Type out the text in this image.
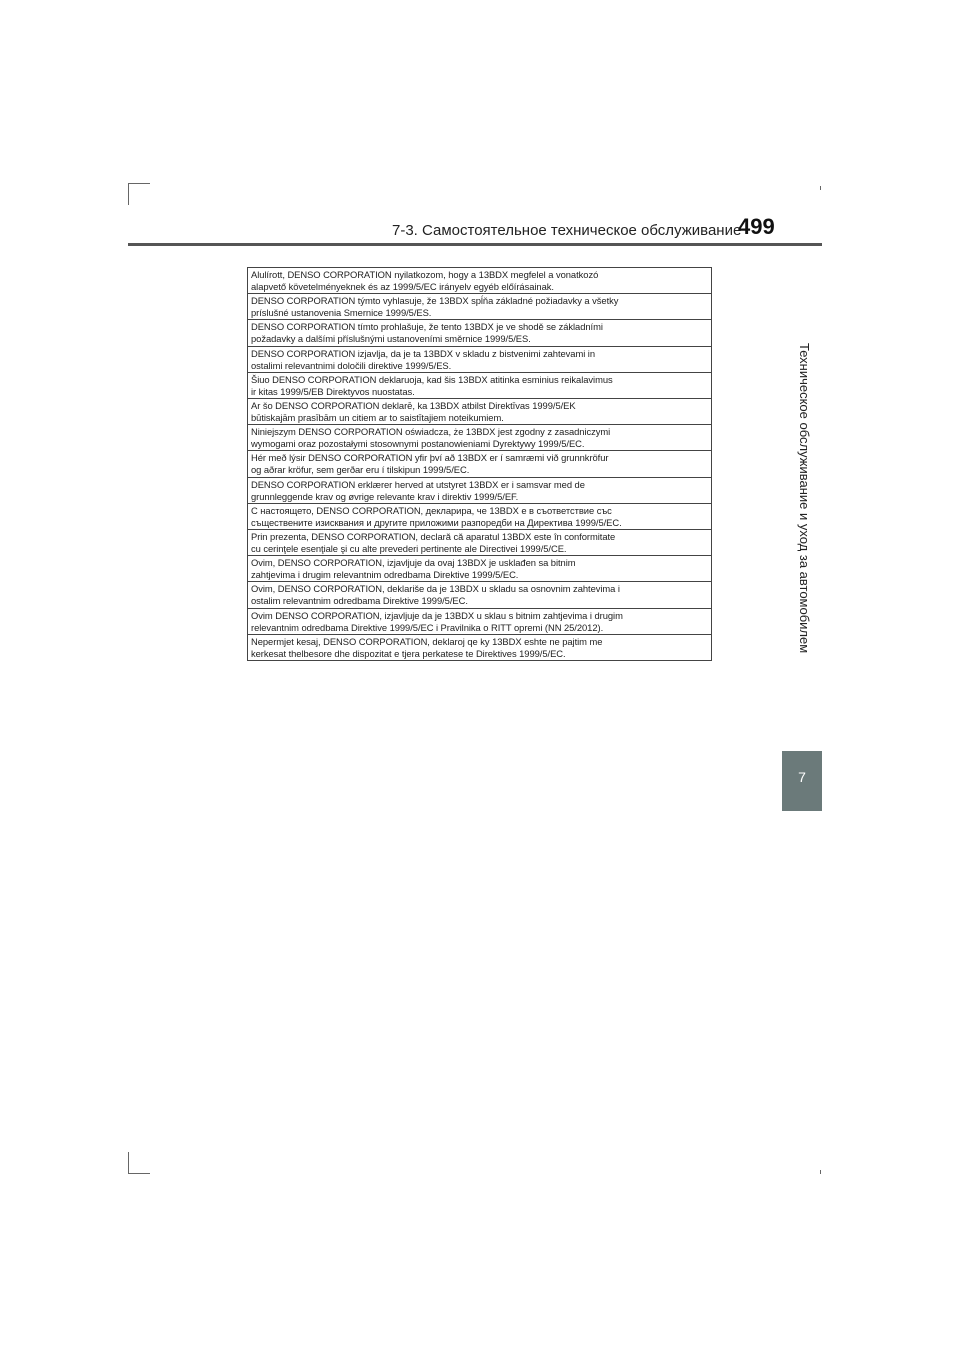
7-3. Самостоятельное техническое обслуживание
499
Техническое обслуживание и уход за автомобилем
7

Alulírott, DENSO CORPORATION nyilatkozom, hogy a 13BDX megfelel a vonatkozó

alapvető követelményeknek és az 1999/5/EC irányelv egyéb előírásainak.

DENSO CORPORATION týmto vyhlasuje, že 13BDX spĺňa základné požiadavky a všetky

príslušné ustanovenia Smernice 1999/5/ES.

DENSO CORPORATION tímto prohlašuje, že tento 13BDX je ve shodě se základními

požadavky a dalšími příslušnými ustanoveními směrnice 1999/5/ES.

DENSO CORPORATION izjavlja, da je ta 13BDX v skladu z bistvenimi zahtevami in

ostalimi relevantnimi določili direktive 1999/5/ES.

Šiuo DENSO CORPORATION deklaruoja, kad šis 13BDX atitinka esminius reikalavimus

ir kitas 1999/5/EB Direktyvos nuostatas.

Ar šo DENSO CORPORATION deklarē, ka 13BDX atbilst Direktīvas 1999/5/EK

būtiskajām prasībām un citiem ar to saistītajiem noteikumiem.

Niniejszym DENSO CORPORATION oświadcza, że 13BDX jest zgodny z zasadniczymi

wymogami oraz pozostałymi stosownymi postanowieniami Dyrektywy 1999/5/EC.

Hér með lýsir DENSO CORPORATION yfir því að 13BDX er í samræmi við grunnkröfur

og aðrar kröfur, sem gerðar eru í tilskipun 1999/5/EC.

DENSO CORPORATION erklærer herved at utstyret 13BDX er i samsvar med de

grunnleggende krav og øvrige relevante krav i direktiv 1999/5/EF.

С настоящето, DENSO CORPORATION, декларира, че 13BDX е в съответствие със

съществените изисквания и другите приложими разпоредби на Директива 1999/5/ЕС.

Prin prezenta, DENSO CORPORATION, declară că aparatul 13BDX este în conformitate

cu cerinţele esenţiale şi cu alte prevederi pertinente ale Directivei 1999/5/CE.

Ovim, DENSO CORPORATION, izjavljuje da ovaj 13BDX je usklađen sa bitnim

zahtjevima i drugim relevantnim odredbama Direktive 1999/5/EC.

Ovim, DENSO CORPORATION, deklariše da je 13BDX u skladu sa osnovnim zahtevima i

ostalim relevantnim odredbama Direktive 1999/5/EC.

Ovim DENSO CORPORATION, izjavljuje da je 13BDX u sklau s bitnim zahtjevima i drugim

relevantnim odredbama Direktive 1999/5/EC i Pravilnika o RITT opremi (NN 25/2012).

Nepermjet kesaj, DENSO CORPORATION, deklaroj qe ky 13BDX eshte ne pajtim me

kerkesat thelbesore dhe dispozitat e tjera perkatese te Direktives 1999/5/EC.
